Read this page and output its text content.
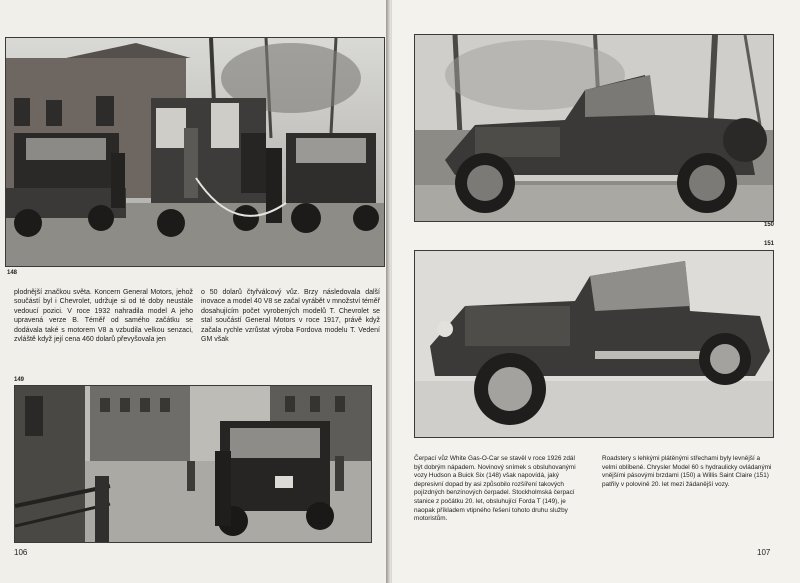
148
plodnější značkou světa. Koncern General Motors, jehož součástí byl i Chevrolet, udržuje si od té doby neustále vedoucí pozici. V roce 1932 nahradila model A jeho upravená verze B. Téměř od samého začátku se dodávala také s motorem V8 a vzbudila velkou senzaci, zvláště když její cena 460 dolarů převyšovala jen
o 50 dolarů čtyřválcový vůz. Brzy následovala další inovace a model 40 V8 se začal vyrábět v množství téměř dosahujícím počet vyrobených modelů T. Chevrolet se stal součástí General Motors v roce 1917, právě když začala rychle vzrůstat výroba Fordova modelu T. Vedení GM však
149
106
150
151
Čerpací vůz White Gas-O-Car se stavěl v roce 1926 zdál být dobrým nápadem. Novinový snímek s obsluhovanými vozy Hudson a Buick Six (148) však napovídá, jaký depresivní dopad by asi způsobilo rozšíření takových pojízdných benzínových čerpadel. Stockholmská čerpací stanice z počátku 20. let, obsluhující Forda T (149), je naopak příkladem vtipného řešení tohoto druhu služby motoristům.
Roadstery s lehkými plátěnými střechami byly levnější a velmi oblíbené. Chrysler Model 60 s hydraulicky ovládanými vnějšími pásovými brzdami (150) a Willis Saint Claire (151) patřily v polovině 20. let mezi žádanější vozy.
107
